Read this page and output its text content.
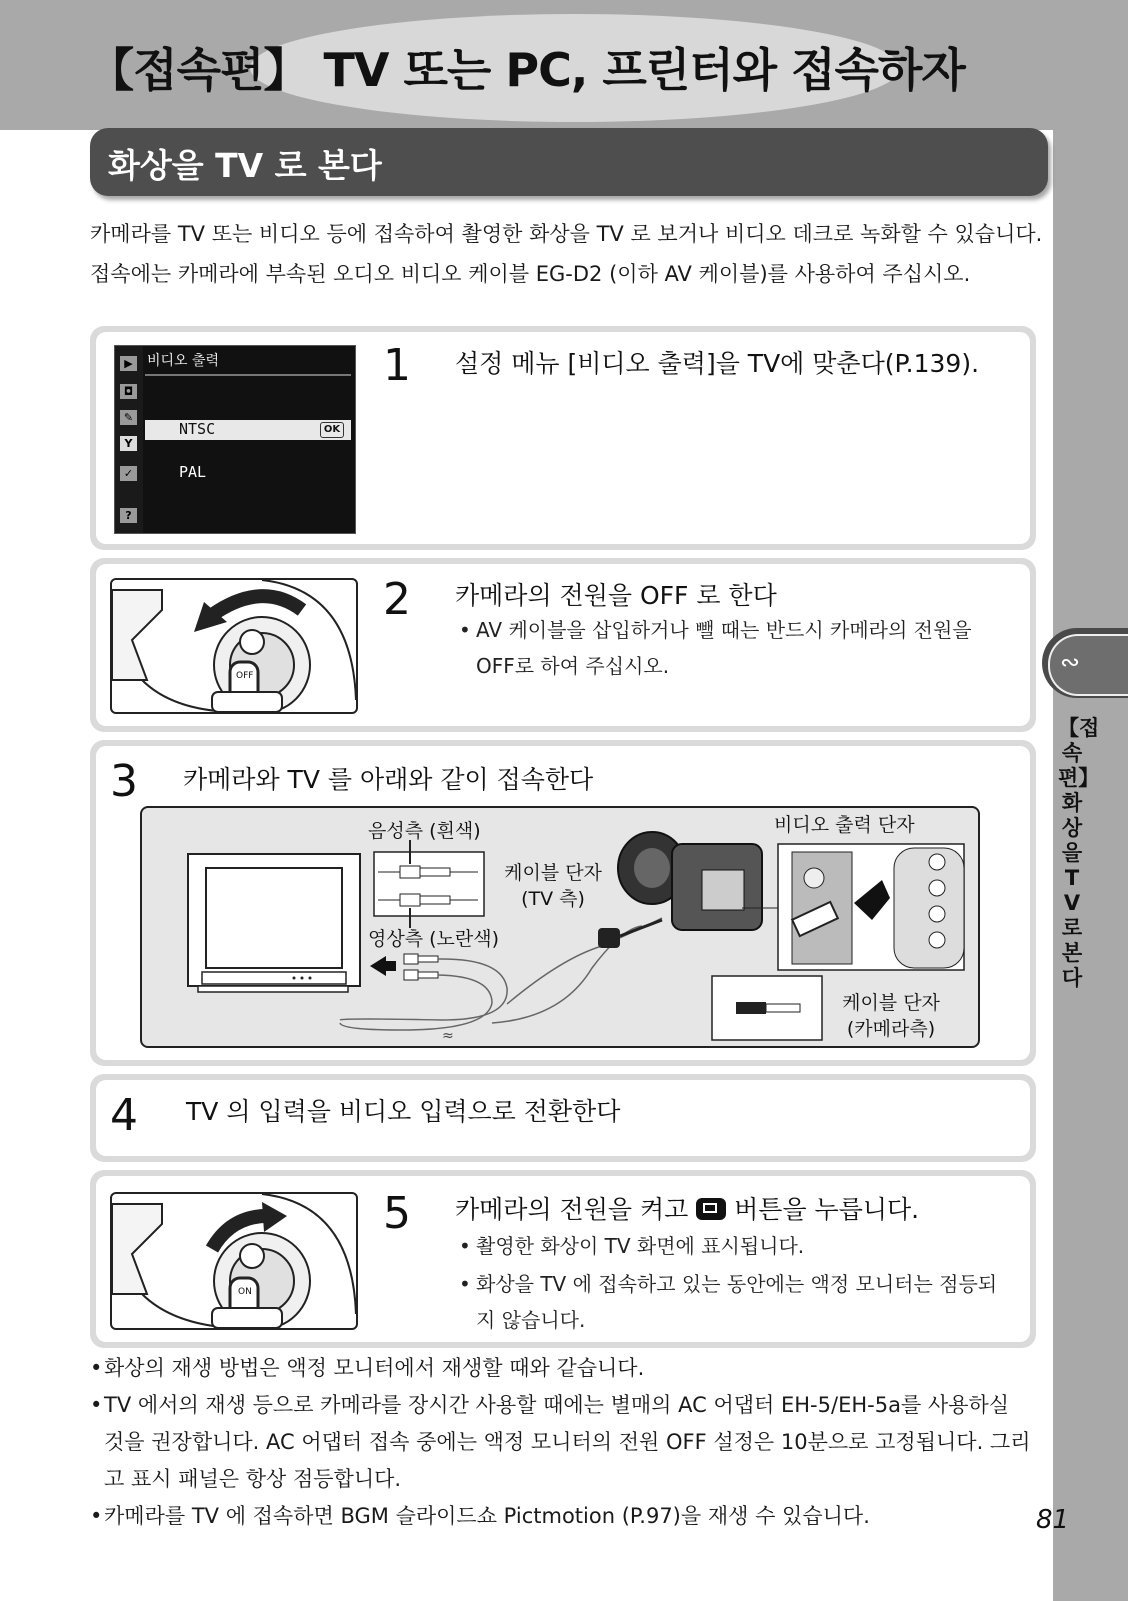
【접속편】 TV 또는 PC, 프린터와 접속하자
화상을 TV 로 본다
카메라를 TV 또는 비디오 등에 접속하여 촬영한 화상을 TV 로 보거나 비디오 데크로 녹화할 수 있습니다. 접속에는 카메라에 부속된 오디오 비디오 케이블 EG-D2 (이하 AV 케이블)를 사용하여 주십시오.
▶
◘
✎
Y
✓
?
비디오 출력
NTSC	OK
PAL
1 설정 메뉴 [비디오 출력]을 TV에 맞춘다(P.139).
OFF
2 카메라의 전원을 OFF 로 한다
• AV 케이블을 삽입하거나 뺄 때는 반드시 카메라의 전원을 OFF로 하여 주십시오.
3 카메라와 TV 를 아래와 같이 접속한다
≈
음성측 (흰색)
영상측 (노란색)
케이블 단자
(TV 측)
비디오 출력 단자
케이블 단자
(카메라측)
4 TV 의 입력을 비디오 입력으로 전환한다
ON
5 카메라의 전원을 켜고 버튼을 누릅니다.
• 촬영한 화상이 TV 화면에 표시됩니다.
• 화상을 TV 에 접속하고 있는 동안에는 액정 모니터는 점등되지 않습니다.
• 화상의 재생 방법은 액정 모니터에서 재생할 때와 같습니다.
• TV 에서의 재생 등으로 카메라를 장시간 사용할 때에는 별매의 AC 어댑터 EH-5/EH-5a를 사용하실 것을 권장합니다. AC 어댑터 접속 중에는 액정 모니터의 전원 OFF 설정은 10분으로 고정됩니다. 그리고 표시 패널은 항상 점등합니다.
• 카메라를 TV 에 접속하면 BGM 슬라이드쇼 Pictmotion (P.97)을 재생 수 있습니다.
∾
【접속편】화상을 TV 로 본다
81
